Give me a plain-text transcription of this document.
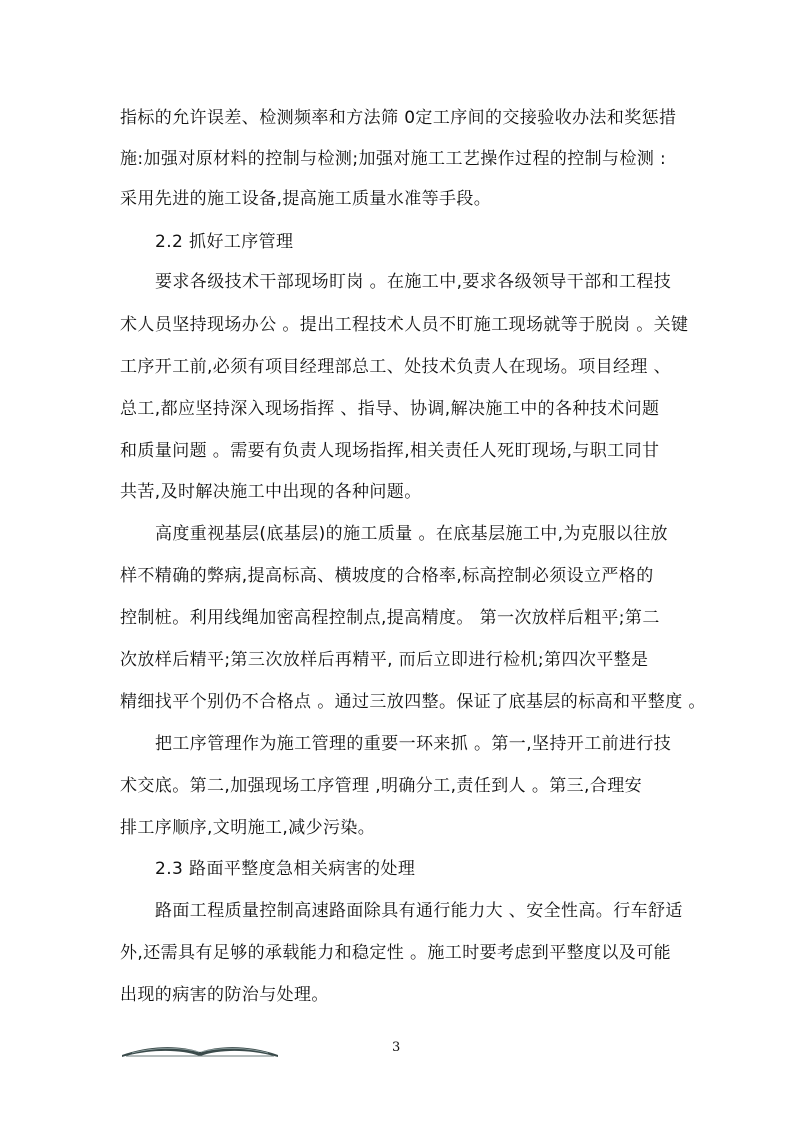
指标的允许误差、检测频率和方法筛 0定工序间的交接验收办法和奖惩措
施:加强对原材料的控制与检测;加强对施工工艺操作过程的控制与检测 :
采用先进的施工设备,提高施工质量水准等手段。
2.2 抓好工序管理
要求各级技术干部现场盯岗 。在施工中,要求各级领导干部和工程技
术人员坚持现场办公 。提出工程技术人员不盯施工现场就等于脱岗 。关键
工序开工前,必须有项目经理部总工、处技术负责人在现场。项目经理 、
总工,都应坚持深入现场指挥 、指导、协调,解决施工中的各种技术问题
和质量问题 。需要有负责人现场指挥,相关责任人死盯现场,与职工同甘
共苦,及时解决施工中出现的各种问题。
高度重视基层(底基层)的施工质量 。在底基层施工中,为克服以往放
样不精确的弊病,提高标高、横坡度的合格率,标高控制必须设立严格的
控制桩。利用线绳加密高程控制点,提高精度。 第一次放样后粗平;第二
次放样后精平;第三次放样后再精平, 而后立即进行检机;第四次平整是
精细找平个别仍不合格点 。通过三放四整。保证了底基层的标高和平整度 。
把工序管理作为施工管理的重要一环来抓 。第一,坚持开工前进行技
术交底。第二,加强现场工序管理 ,明确分工,责任到人 。第三,合理安
排工序顺序,文明施工,减少污染。
2.3 路面平整度急相关病害的处理
路面工程质量控制高速路面除具有通行能力大 、安全性高。行车舒适
外,还需具有足够的承载能力和稳定性 。施工时要考虑到平整度以及可能
出现的病害的防治与处理。
3
